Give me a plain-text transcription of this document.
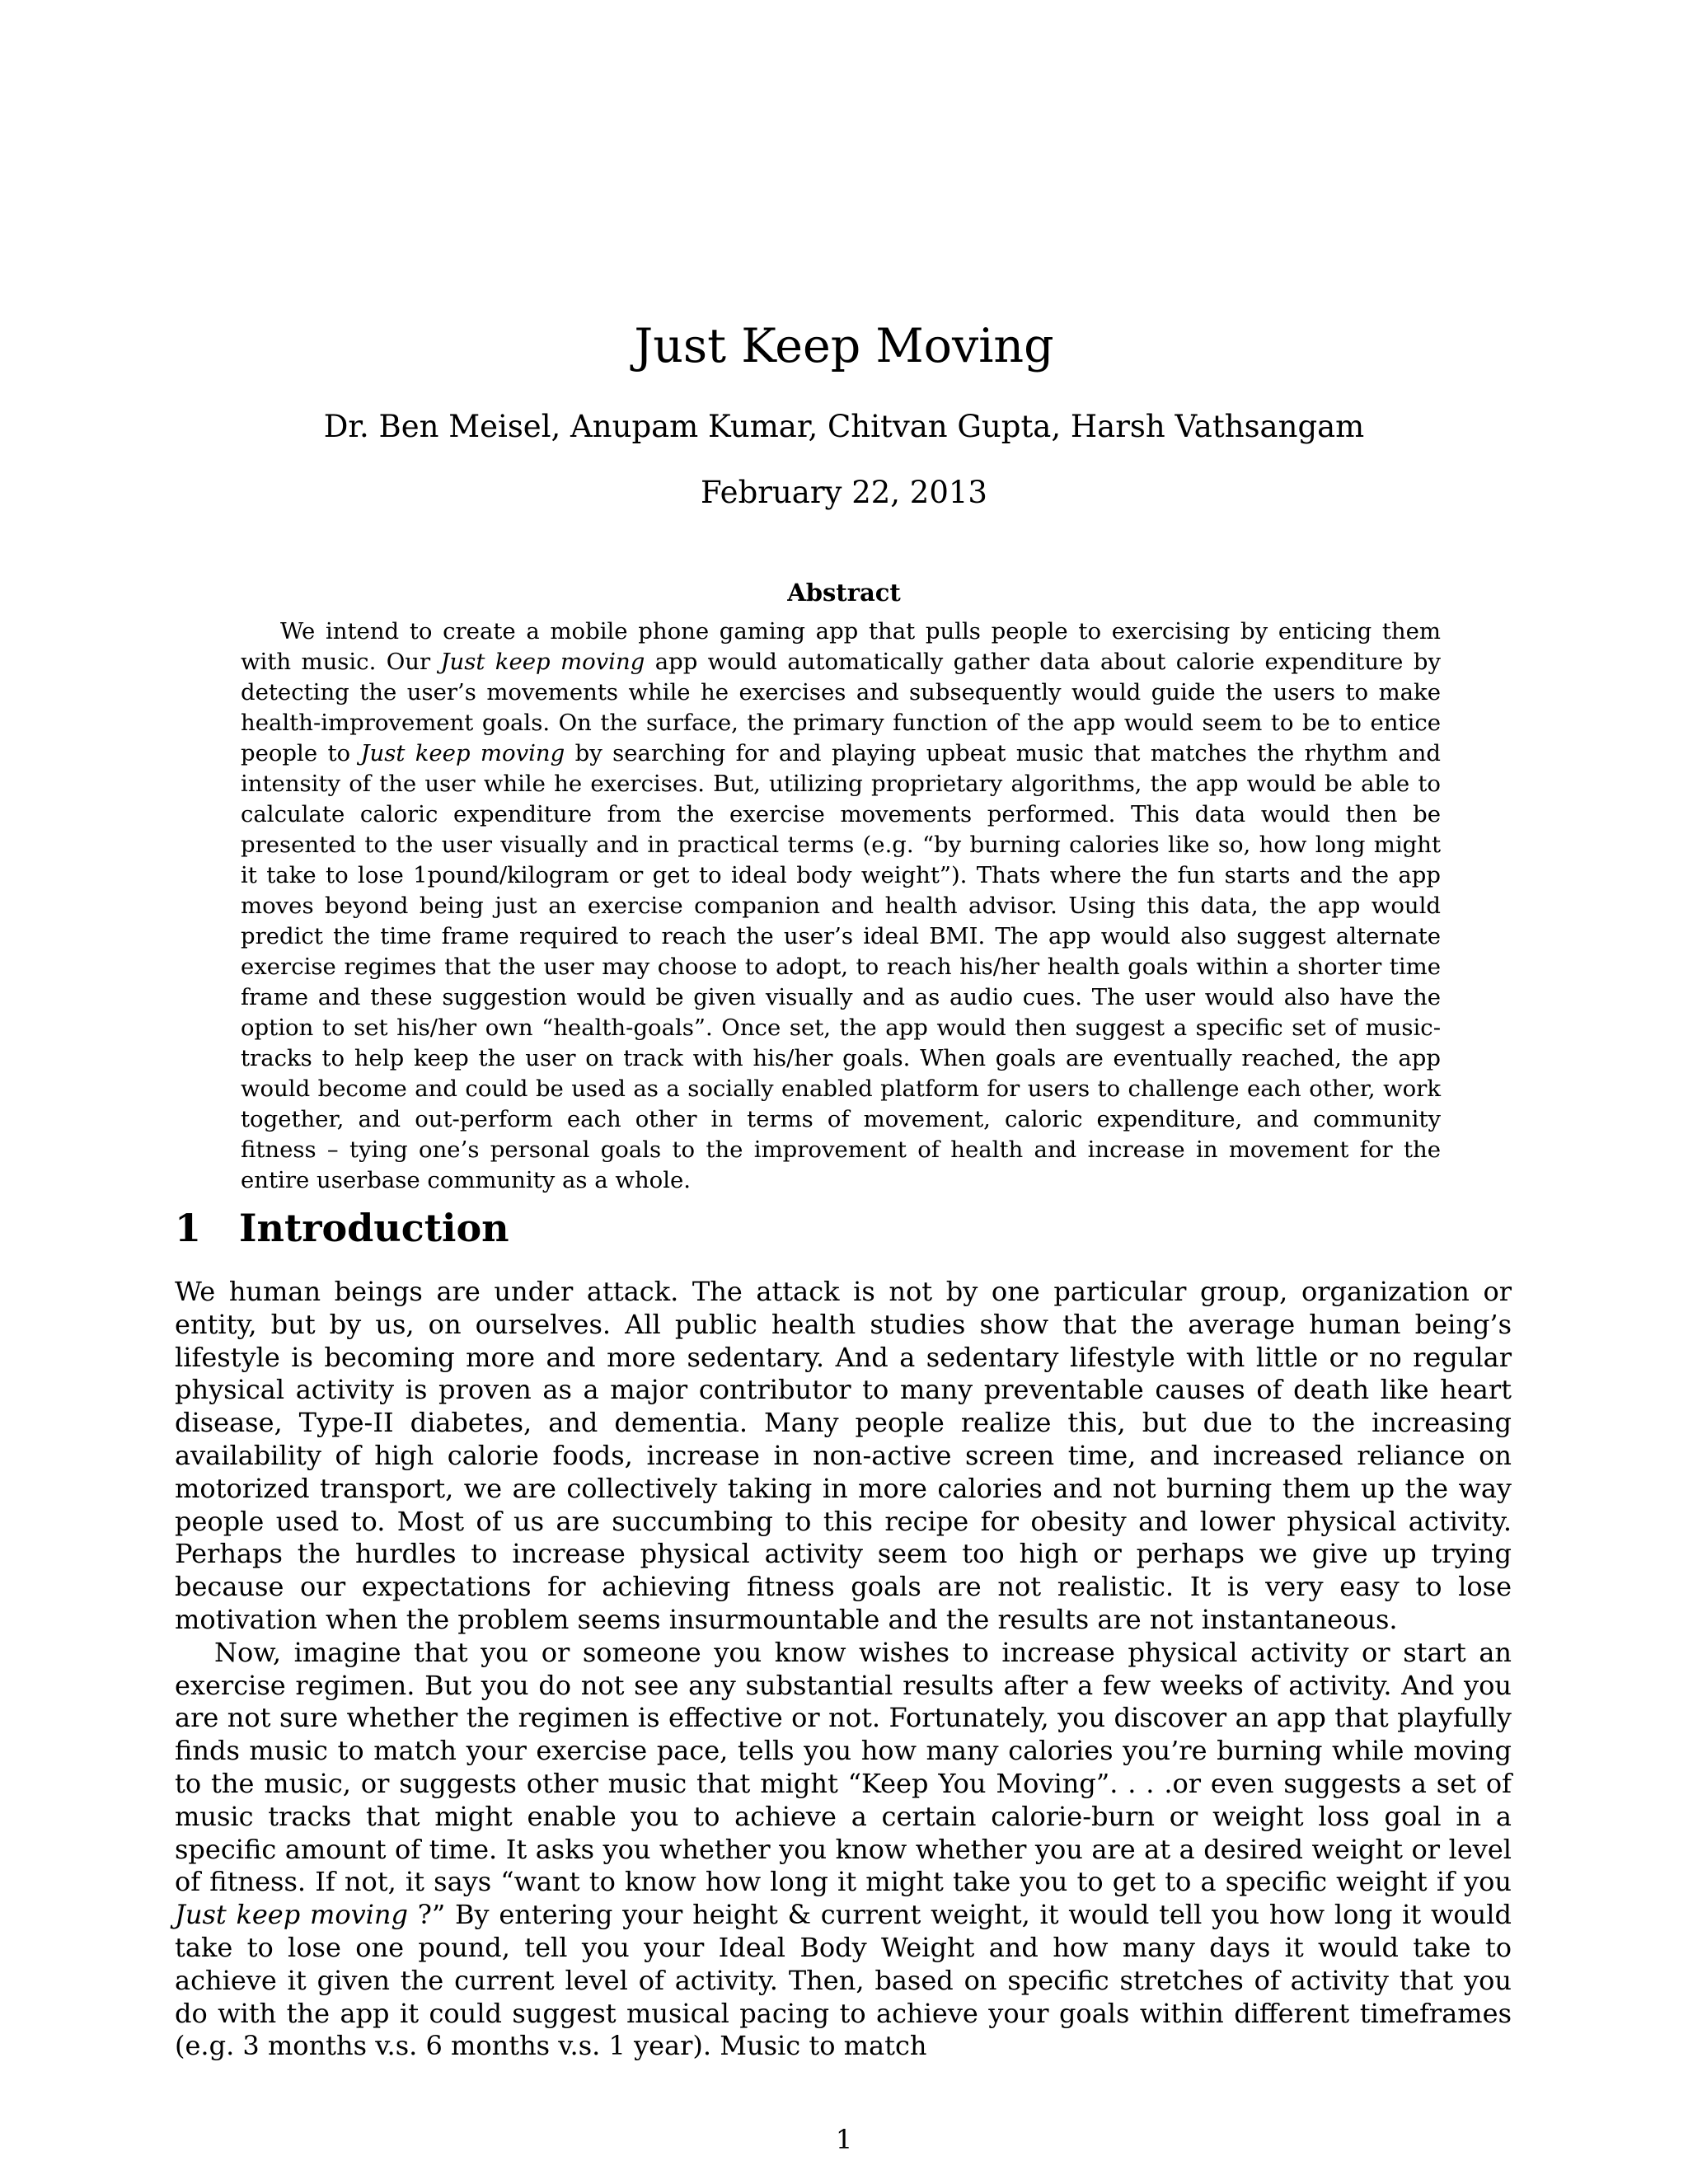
Just Keep Moving

Dr. Ben Meisel, Anupam Kumar, Chitvan Gupta, Harsh Vathsangam

February 22, 2013

Abstract

We intend to create a mobile phone gaming app that pulls people to exercising by enticing them with music. Our Just keep moving app would automatically gather data about calorie expenditure by detecting the user’s movements while he exercises and subsequently would guide the users to make health-improvement goals. On the surface, the primary function of the app would seem to be to entice people to Just keep moving by searching for and playing upbeat music that matches the rhythm and intensity of the user while he exercises. But, utilizing proprietary algorithms, the app would be able to calculate caloric expenditure from the exercise movements performed. This data would then be presented to the user visually and in practical terms (e.g. “by burning calories like so, how long might it take to lose 1pound/kilogram or get to ideal body weight”). Thats where the fun starts and the app moves beyond being just an exercise companion and health advisor. Using this data, the app would predict the time frame required to reach the user’s ideal BMI. The app would also suggest alternate exercise regimes that the user may choose to adopt, to reach his/her health goals within a shorter time frame and these suggestion would be given visually and as audio cues. The user would also have the option to set his/her own “health-goals”. Once set, the app would then suggest a specific set of music-tracks to help keep the user on track with his/her goals. When goals are eventually reached, the app would become and could be used as a socially enabled platform for users to challenge each other, work together, and out-perform each other in terms of movement, caloric expenditure, and community fitness – tying one’s personal goals to the improvement of health and increase in movement for the entire userbase community as a whole.

1 Introduction

We human beings are under attack. The attack is not by one particular group, organization or entity, but by us, on ourselves. All public health studies show that the average human being’s lifestyle is becoming more and more sedentary. And a sedentary lifestyle with little or no regular physical activity is proven as a major contributor to many preventable causes of death like heart disease, Type-II diabetes, and dementia. Many people realize this, but due to the increasing availability of high calorie foods, increase in non-active screen time, and increased reliance on motorized transport, we are collectively taking in more calories and not burning them up the way people used to. Most of us are succumbing to this recipe for obesity and lower physical activity. Perhaps the hurdles to increase physical activity seem too high or perhaps we give up trying because our expectations for achieving fitness goals are not realistic. It is very easy to lose motivation when the problem seems insurmountable and the results are not instantaneous.

Now, imagine that you or someone you know wishes to increase physical activity or start an exercise regimen. But you do not see any substantial results after a few weeks of activity. And you are not sure whether the regimen is effective or not. Fortunately, you discover an app that playfully finds music to match your exercise pace, tells you how many calories you’re burning while moving to the music, or suggests other music that might “Keep You Moving”. . . .or even suggests a set of music tracks that might enable you to achieve a certain calorie-burn or weight loss goal in a specific amount of time. It asks you whether you know whether you are at a desired weight or level of fitness. If not, it says “want to know how long it might take you to get to a specific weight if you Just keep moving ?” By entering your height & current weight, it would tell you how long it would take to lose one pound, tell you your Ideal Body Weight and how many days it would take to achieve it given the current level of activity. Then, based on specific stretches of activity that you do with the app it could suggest musical pacing to achieve your goals within different timeframes (e.g. 3 months v.s. 6 months v.s. 1 year). Music to match

1
